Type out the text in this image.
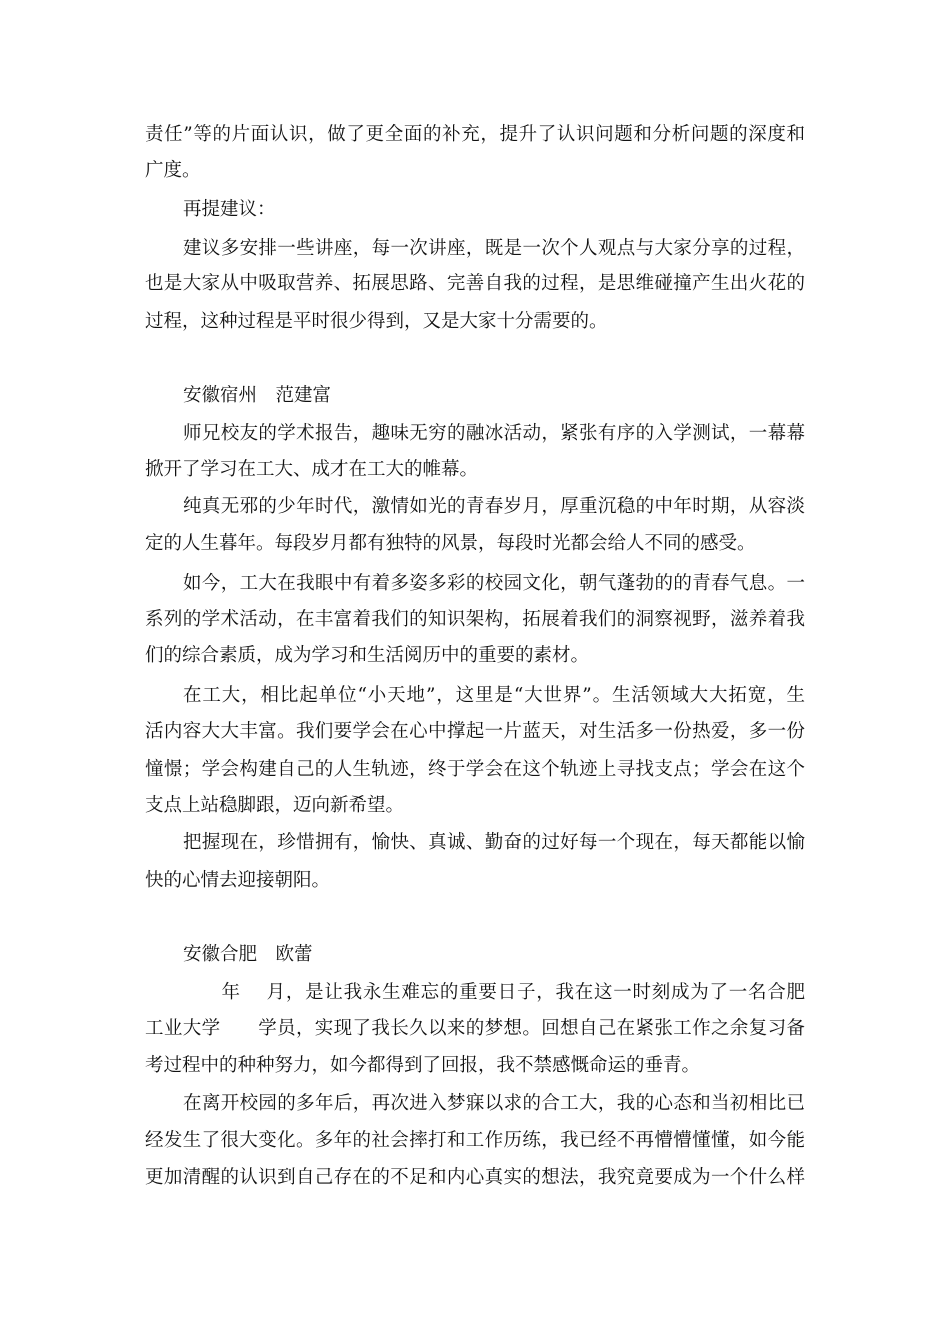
责任”等的片面认识，做了更全面的补充，提升了认识问题和分析问题的深度和
广度。
再提建议：
建议多安排一些讲座，每一次讲座，既是一次个人观点与大家分享的过程，
也是大家从中吸取营养、拓展思路、完善自我的过程，是思维碰撞产生出火花的
过程，这种过程是平时很少得到，又是大家十分需要的。
安徽宿州　范建富
师兄校友的学术报告，趣味无穷的融冰活动，紧张有序的入学测试，一幕幕
掀开了学习在工大、成才在工大的帷幕。
纯真无邪的少年时代，激情如光的青春岁月，厚重沉稳的中年时期，从容淡
定的人生暮年。每段岁月都有独特的风景，每段时光都会给人不同的感受。
如今，工大在我眼中有着多姿多彩的校园文化，朝气蓬勃的的青春气息。一
系列的学术活动，在丰富着我们的知识架构，拓展着我们的洞察视野，滋养着我
们的综合素质，成为学习和生活阅历中的重要的素材。
在工大，相比起单位“小天地”，这里是“大世界”。生活领域大大拓宽，生
活内容大大丰富。我们要学会在心中撑起一片蓝天，对生活多一份热爱，多一份
憧憬；学会构建自己的人生轨迹，终于学会在这个轨迹上寻找支点；学会在这个
支点上站稳脚跟，迈向新希望。
把握现在，珍惜拥有，愉快、真诚、勤奋的过好每一个现在，每天都能以愉
快的心情去迎接朝阳。
安徽合肥　欧蕾
　　年　 月，是让我永生难忘的重要日子，我在这一时刻成为了一名合肥
工业大学　　学员，实现了我长久以来的梦想。回想自己在紧张工作之余复习备
考过程中的种种努力，如今都得到了回报，我不禁感慨命运的垂青。
在离开校园的多年后，再次进入梦寐以求的合工大，我的心态和当初相比已
经发生了很大变化。多年的社会摔打和工作历练，我已经不再懵懵懂懂，如今能
更加清醒的认识到自己存在的不足和内心真实的想法，我究竟要成为一个什么样
